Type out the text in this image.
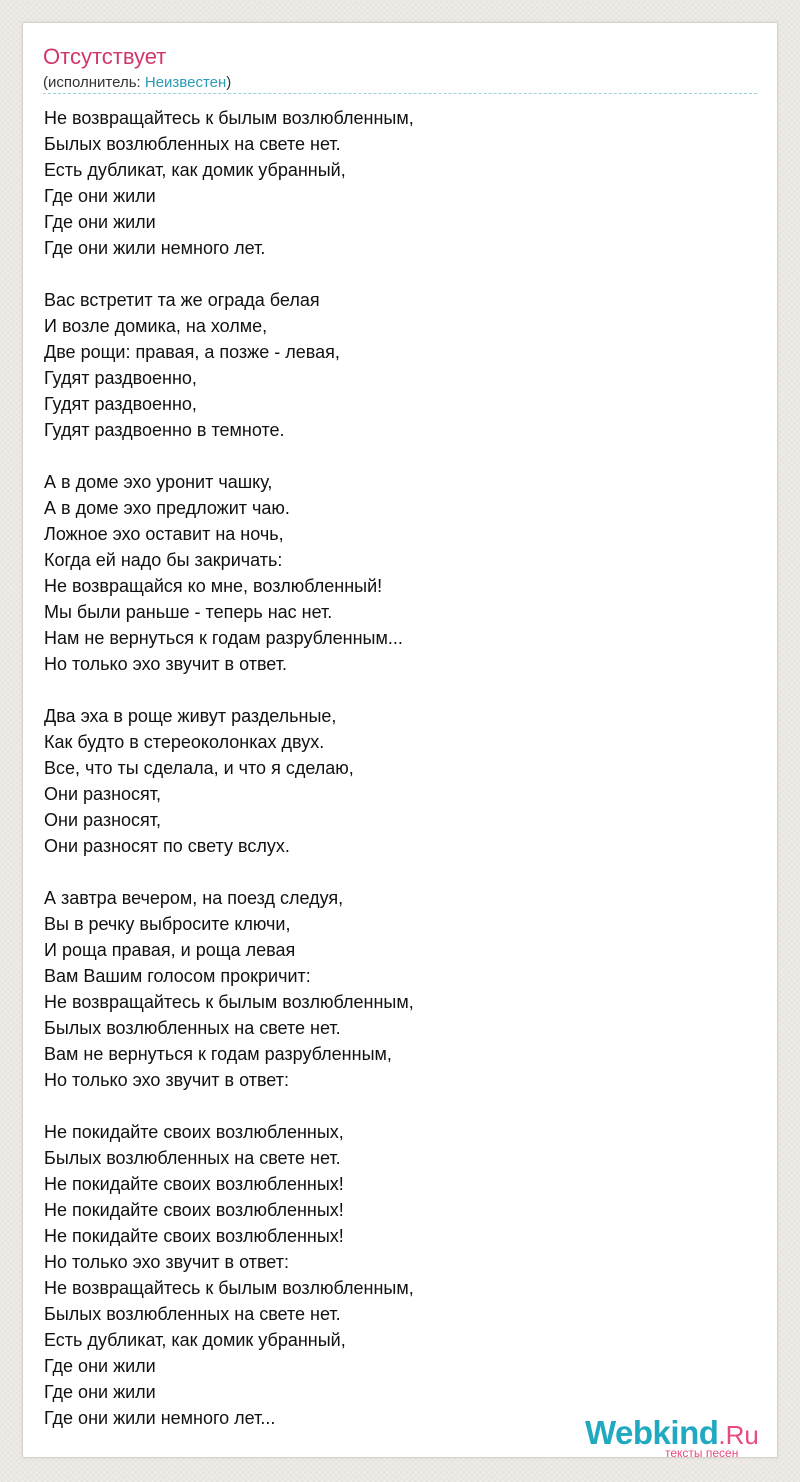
Отсутствует
(исполнитель: Неизвестен)
Не возвращайтесь к былым возлюбленным,
Былых возлюбленных на свете нет.
Есть дубликат, как домик убранный,
Где они жили
Где они жили
Где они жили немного лет.
Вас встретит та же ограда белая
И возле домика, на холме,
Две рощи: правая, а позже - левая,
Гудят раздвоенно,
Гудят раздвоенно,
Гудят раздвоенно в темноте.
А в доме эхо уронит чашку,
А в доме эхо предложит чаю.
Ложное эхо оставит на ночь,
Когда ей надо бы закричать:
Не возвращайся ко мне, возлюбленный!
Мы были раньше - теперь нас нет.
Нам не вернуться к годам разрубленным...
Но только эхо звучит в ответ.
Два эха в роще живут раздельные,
Как будто в стереоколонках двух.
Все, что ты сделала, и что я сделаю,
Они разносят,
Они разносят,
Они разносят по свету вслух.
А завтра вечером, на поезд следуя,
Вы в речку выбросите ключи,
И роща правая, и роща левая
Вам Вашим голосом прокричит:
Не возвращайтесь к былым возлюбленным,
Былых возлюбленных на свете нет.
Вам не вернуться к годам разрубленным,
Но только эхо звучит в ответ:
Не покидайте своих возлюбленных,
Былых возлюбленных на свете нет.
Не покидайте своих возлюбленных!
Не покидайте своих возлюбленных!
Не покидайте своих возлюбленных!
Но только эхо звучит в ответ:
Не возвращайтесь к былым возлюбленным,
Былых возлюбленных на свете нет.
Есть дубликат, как домик убранный,
Где они жили
Где они жили
Где они жили немного лет...	Webkind.Ru
тексты песен
